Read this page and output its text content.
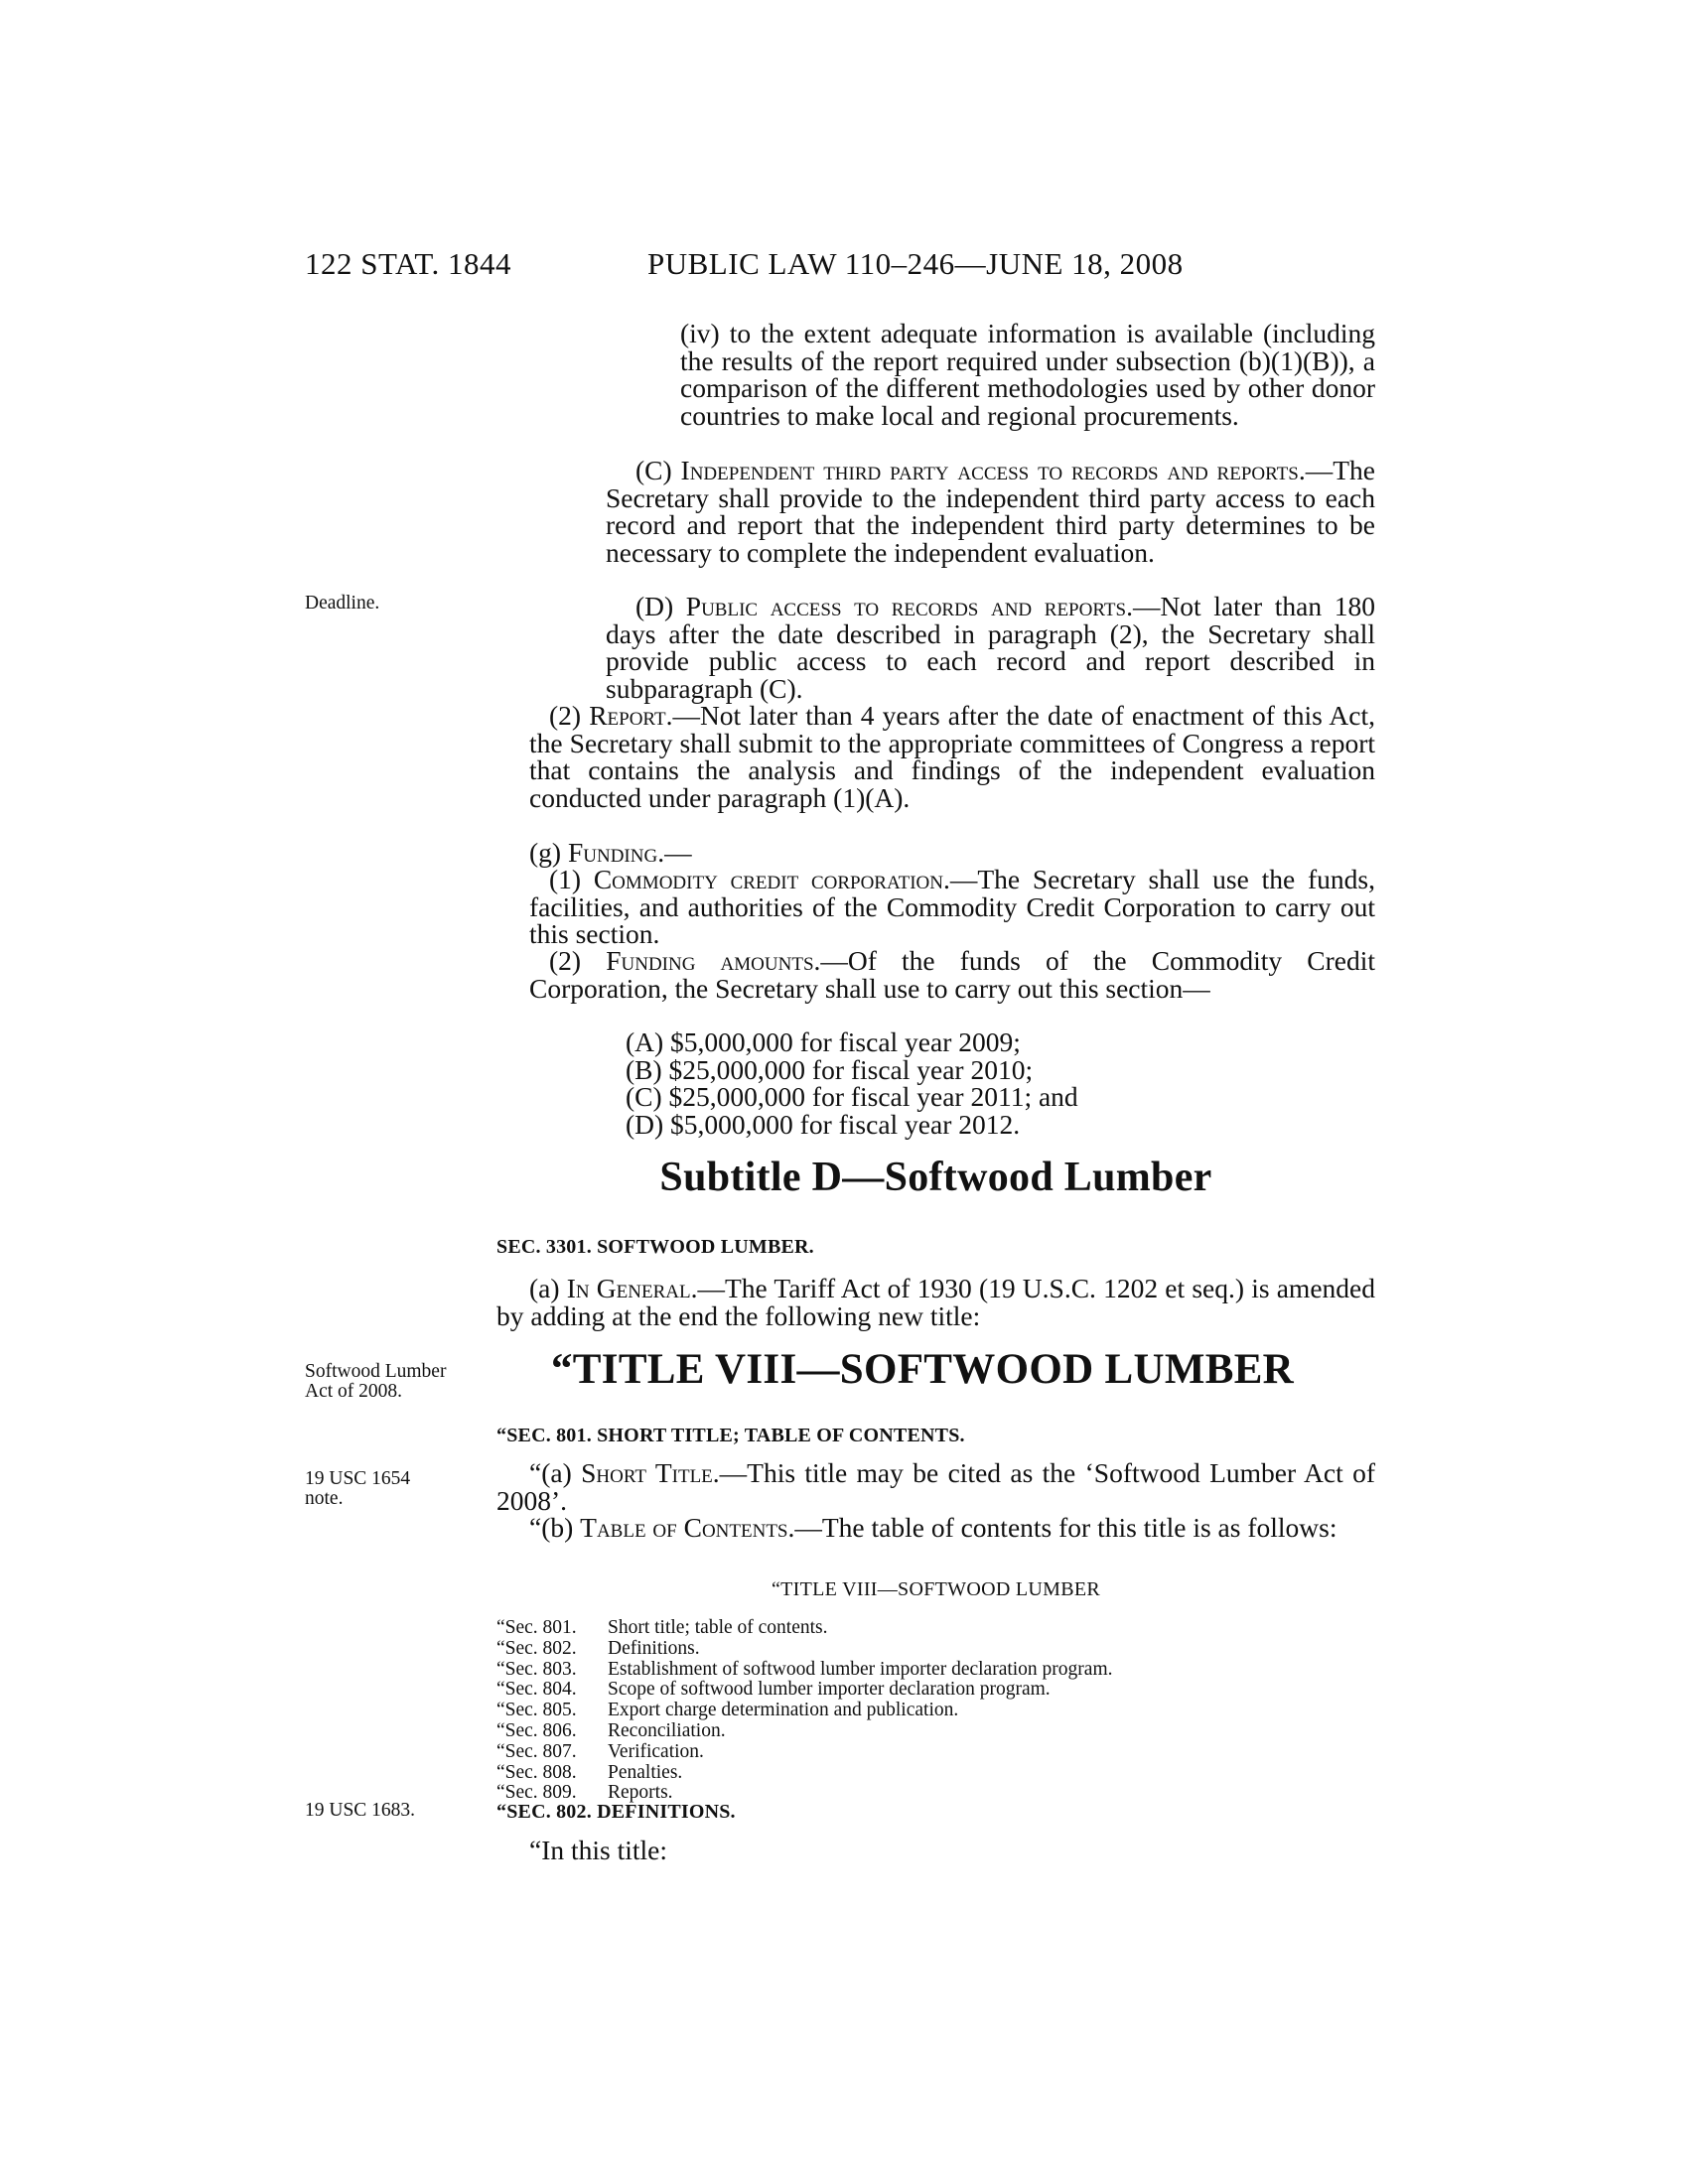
122 STAT. 1844	PUBLIC LAW 110–246—JUNE 18, 2008
Deadline.
Softwood Lumber
Act of 2008.
19 USC 1654
note.
19 USC 1683.

(iv) to the extent adequate information is available (including the results of the report required under subsection (b)(1)(B)), a comparison of the different methodologies used by other donor countries to make local and regional procurements.

(C) Independent third party access to records and reports.—The Secretary shall provide to the independent third party access to each record and report that the independent third party determines to be necessary to complete the independent evaluation.

(D) Public access to records and reports.—Not later than 180 days after the date described in paragraph (2), the Secretary shall provide public access to each record and report described in subparagraph (C).

(2) Report.—Not later than 4 years after the date of enactment of this Act, the Secretary shall submit to the appropriate committees of Congress a report that contains the analysis and findings of the independent evaluation conducted under paragraph (1)(A).

(g) Funding.—

(1) Commodity credit corporation.—The Secretary shall use the funds, facilities, and authorities of the Commodity Credit Corporation to carry out this section.

(2) Funding amounts.—Of the funds of the Commodity Credit Corporation, the Secretary shall use to carry out this section—

(A) $5,000,000 for fiscal year 2009;
(B) $25,000,000 for fiscal year 2010;
(C) $25,000,000 for fiscal year 2011; and
(D) $5,000,000 for fiscal year 2012.
Subtitle D—Softwood Lumber
SEC. 3301. SOFTWOOD LUMBER.

(a) In General.—The Tariff Act of 1930 (19 U.S.C. 1202 et seq.) is amended by adding at the end the following new title:

“TITLE VIII—SOFTWOOD LUMBER
“SEC. 801. SHORT TITLE; TABLE OF CONTENTS.

“(a) Short Title.—This title may be cited as the ‘Softwood Lumber Act of 2008’.

“(b) Table of Contents.—The table of contents for this title is as follows:

“TITLE VIII—SOFTWOOD LUMBER
“Sec. 801. Short title; table of contents.
“Sec. 802. Definitions.
“Sec. 803. Establishment of softwood lumber importer declaration program.
“Sec. 804. Scope of softwood lumber importer declaration program.
“Sec. 805. Export charge determination and publication.
“Sec. 806. Reconciliation.
“Sec. 807. Verification.
“Sec. 808. Penalties.
“Sec. 809. Reports.
“SEC. 802. DEFINITIONS.
“In this title:
